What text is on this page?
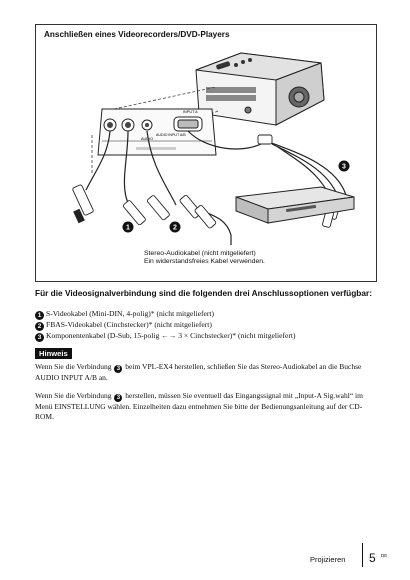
Anschließen eines Videorecorders/DVD-Players
AUDIO
AUDIO INPUT A/B
INPUT A
1	2
3
Stereo-Audiokabel (nicht mitgeliefert)
Ein widerstandsfreies Kabel verwenden.
Für die Videosignalverbindung sind die folgenden drei Anschlussoptionen verfügbar:
1 S-Videokabel (Mini-DIN, 4-polig)* (nicht mitgeliefert)
2 FBAS-Videokabel (Cinchstecker)* (nicht mitgeliefert)
3 Komponentenkabel (D-Sub, 15-polig ←→ 3 × Cinchstecker)* (nicht mitgeliefert)
Hinweis
Wenn Sie die Verbindung 3 beim VPL-EX4 herstellen, schließen Sie das Stereo-Audiokabel an die Buchse AUDIO INPUT A/B an.
Wenn Sie die Verbindung 3 herstellen, müssen Sie eventuell das Eingangssignal mit „Input-A Sig.wahl“ im Menü EINSTELLUNG wählen. Einzelheiten dazu entnehmen Sie bitte der Bedienungsanleitung auf der CD-ROM.
Projizieren 5 DE
